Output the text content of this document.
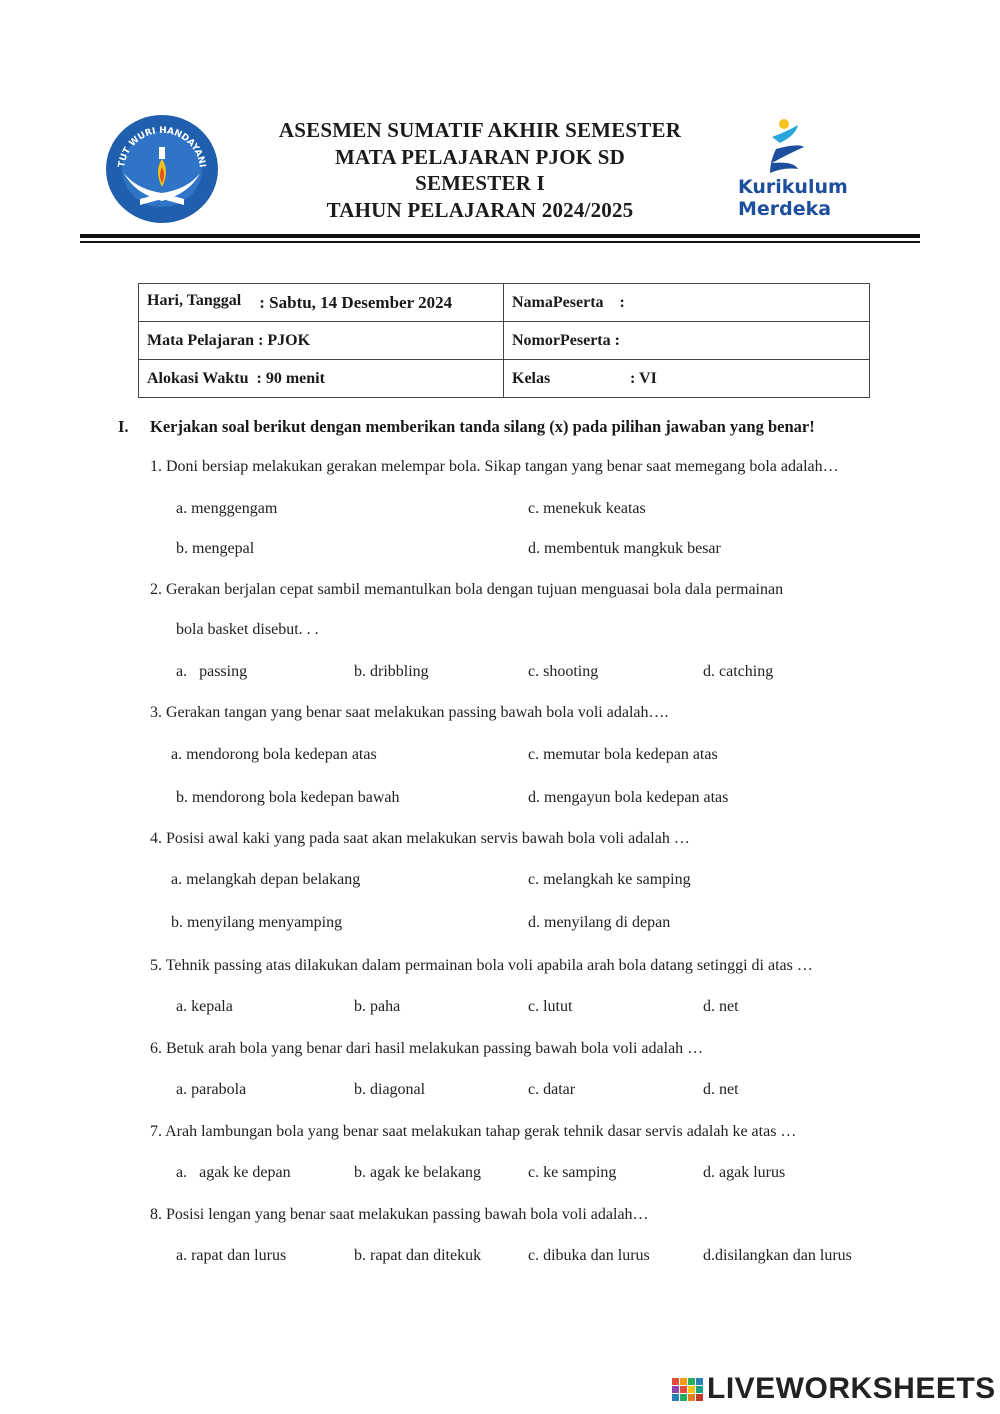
TUT WURI HANDAYANI
ASESMEN SUMATIF AKHIR SEMESTER
MATA PELAJARAN PJOK SD
SEMESTER I
TAHUN PELAJARAN 2024/2025
Kurikulum
Merdeka
Hari, Tanggal : Sabtu, 14 Desember 2024	NamaPeserta :
Mata Pelajaran : PJOK	NomorPeserta :
Alokasi Waktu  : 90 menit	Kelas : VI
I. Kerjakan soal berikut dengan memberikan tanda silang (x) pada pilihan jawaban yang benar!
1. Doni bersiap melakukan gerakan melempar bola. Sikap tangan yang benar saat memegang bola adalah…
a. menggengam	c. menekuk keatas
b. mengepal	d. membentuk mangkuk besar
2. Gerakan berjalan cepat sambil memantulkan bola dengan tujuan menguasai bola dala permainan
bola basket disebut. . .
a.   passing	b. dribbling	c. shooting	d. catching
3. Gerakan tangan yang benar saat melakukan passing bawah bola voli adalah….
a. mendorong bola kedepan atas	c. memutar bola kedepan atas
b. mendorong bola kedepan bawah	d. mengayun bola kedepan atas
4. Posisi awal kaki yang pada saat akan melakukan servis bawah bola voli adalah …
a. melangkah depan belakang	c. melangkah ke samping
b. menyilang menyamping	d. menyilang di depan
5. Tehnik passing atas dilakukan dalam permainan bola voli apabila arah bola datang setinggi di atas …
a. kepala	b. paha	c. lutut	d. net
6. Betuk arah bola yang benar dari hasil melakukan passing bawah bola voli adalah …
a. parabola	b. diagonal	c. datar	d. net
7. Arah lambungan bola yang benar saat melakukan tahap gerak tehnik dasar servis adalah ke atas …
a.   agak ke depan	b. agak ke belakang	c. ke samping	d. agak lurus
8. Posisi lengan yang benar saat melakukan passing bawah bola voli adalah…
a. rapat dan lurus	b. rapat dan ditekuk	c. dibuka dan lurus	d.disilangkan dan lurus
LIVEWORKSHEETS
